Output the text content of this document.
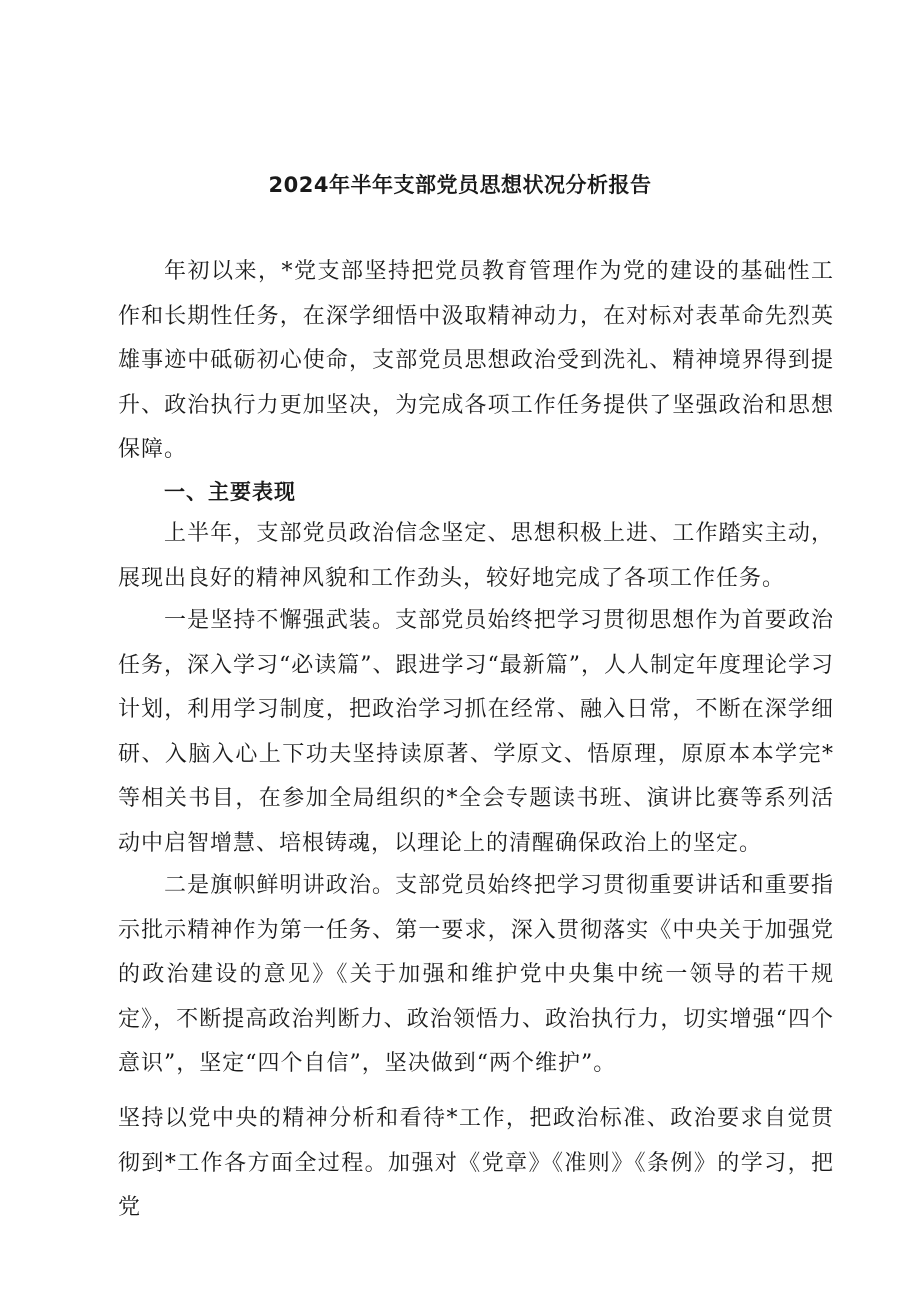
2024年半年支部党员思想状况分析报告

年初以来，*党支部坚持把党员教育管理作为党的建设的基础性工作和长期性任务，在深学细悟中汲取精神动力，在对标对表革命先烈英雄事迹中砥砺初心使命，支部党员思想政治受到洗礼、精神境界得到提升、政治执行力更加坚决，为完成各项工作任务提供了坚强政治和思想保障。

一、主要表现

上半年，支部党员政治信念坚定、思想积极上进、工作踏实主动，展现出良好的精神风貌和工作劲头，较好地完成了各项工作任务。

一是坚持不懈强武装。支部党员始终把学习贯彻思想作为首要政治任务，深入学习“必读篇”、跟进学习“最新篇”，人人制定年度理论学习计划，利用学习制度，把政治学习抓在经常、融入日常，不断在深学细研、入脑入心上下功夫坚持读原著、学原文、悟原理，原原本本学完*等相关书目，在参加全局组织的*全会专题读书班、演讲比赛等系列活动中启智增慧、培根铸魂，以理论上的清醒确保政治上的坚定。

二是旗帜鲜明讲政治。支部党员始终把学习贯彻重要讲话和重要指示批示精神作为第一任务、第一要求，深入贯彻落实《中央关于加强党的政治建设的意见》《关于加强和维护党中央集中统一领导的若干规定》，不断提高政治判断力、政治领悟力、政治执行力，切实增强“四个意识”，坚定“四个自信”，坚决做到“两个维护”。

坚持以党中央的精神分析和看待*工作，把政治标准、政治要求自觉贯彻到*工作各方面全过程。加强对《党章》《准则》《条例》的学习，把党
